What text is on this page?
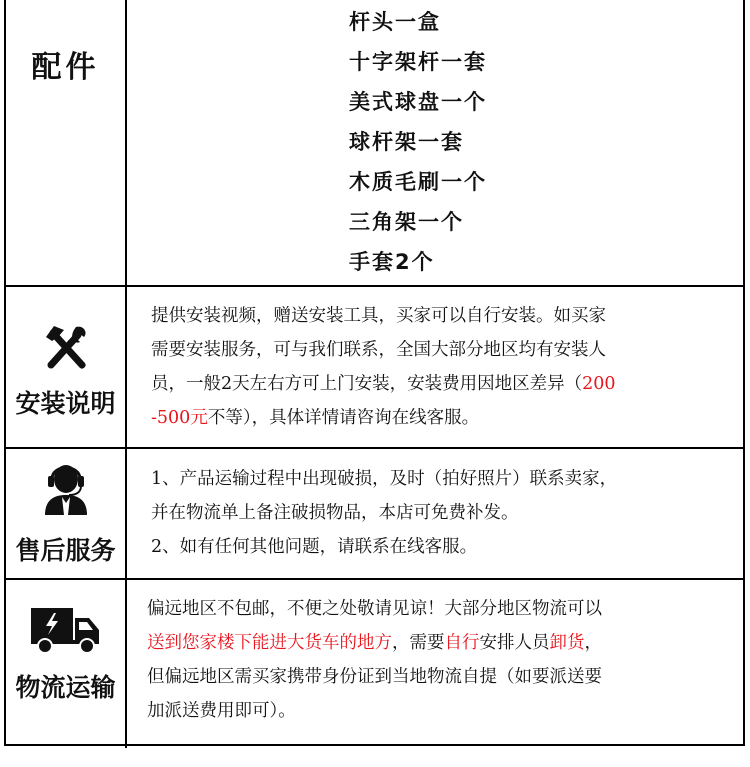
配件
杆头一盒
十字架杆一套
美式球盘一个
球杆架一套
木质毛刷一个
三角架一个
手套2个
安装说明

提供安装视频，赠送安装工具，买家可以自行安装。如买家

需要安装服务，可与我们联系，全国大部分地区均有安装人

员，一般2天左右方可上门安装，安装费用因地区差异（200

-500元不等），具体详情请咨询在线客服。

售后服务

1、产品运输过程中出现破损，及时（拍好照片）联系卖家，

并在物流单上备注破损物品，本店可免费补发。

2、如有任何其他问题，请联系在线客服。

物流运输

偏远地区不包邮，不便之处敬请见谅！大部分地区物流可以

送到您家楼下能进大货车的地方，需要自行安排人员卸货，

但偏远地区需买家携带身份证到当地物流自提（如要派送要

加派送费用即可）。
